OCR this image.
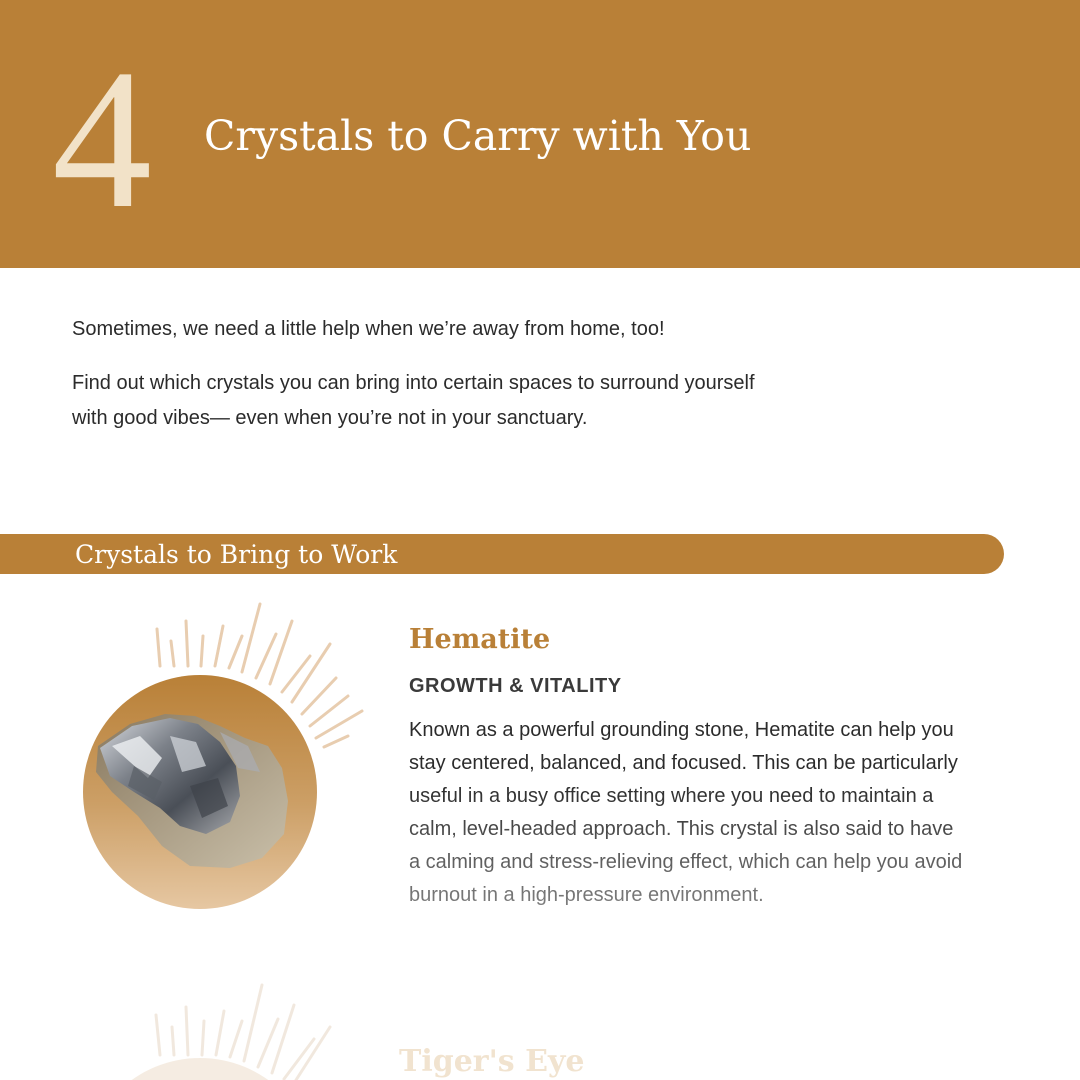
4 Crystals to Carry with You

Sometimes, we need a little help when we’re away from home, too!

Find out which crystals you can bring into certain spaces to surround yourself with good vibes— even when you’re not in your sanctuary.

Crystals to Bring to Work
Hematite
GROWTH & VITALITY

Known as a powerful grounding stone, Hematite can help you stay centered, balanced, and focused. This can be particularly useful in a busy office setting where you need to maintain a calm, level-headed approach. This crystal is also said to have a calming and stress-relieving effect, which can help you avoid burnout in a high-pressure environment.

Tiger's Eye
